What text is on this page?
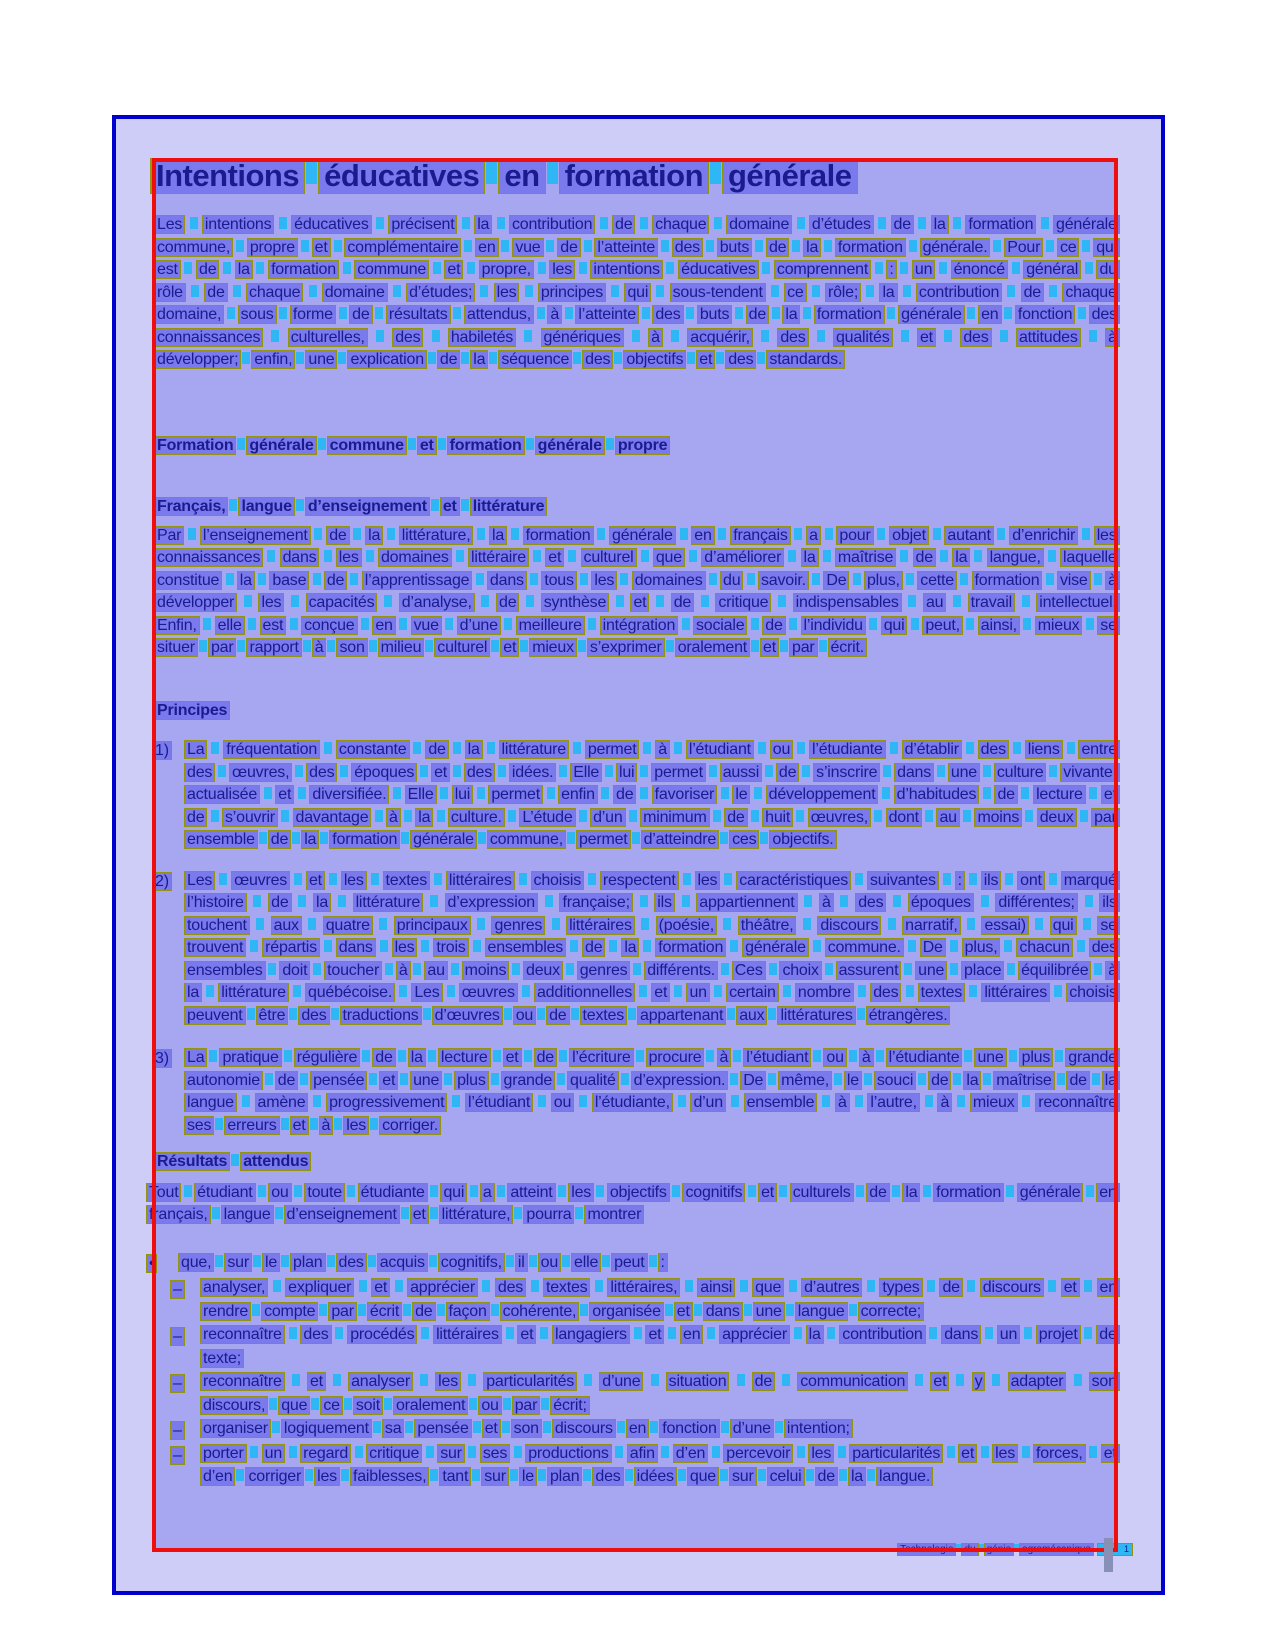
Intentions éducatives en formation générale
Les intentions éducatives précisent la contribution de chaque domaine d’études de la formation générale
commune, propre et complémentaire en vue de l’atteinte des buts de la formation générale. Pour ce qui
est de la formation commune et propre, les intentions éducatives comprennent : un énoncé général du
rôle de chaque domaine d’études; les principes qui sous-tendent ce rôle; la contribution de chaque
domaine, sous forme de résultats attendus, à l’atteinte des buts de la formation générale en fonction des
connaissances culturelles, des habiletés génériques à acquérir, des qualités et des attitudes à
développer; enfin, une explication de la séquence des objectifs et des standards.
Formation générale commune et formation générale propre
Français, langue d’enseignement et littérature
Par l’enseignement de la littérature, la formation générale en français a pour objet autant d’enrichir les
connaissances dans les domaines littéraire et culturel que d’améliorer la maîtrise de la langue, laquelle
constitue la base de l’apprentissage dans tous les domaines du savoir. De plus, cette formation vise à
développer les capacités d’analyse, de synthèse et de critique indispensables au travail intellectuel.
Enfin, elle est conçue en vue d’une meilleure intégration sociale de l’individu qui peut, ainsi, mieux se
situer par rapport à son milieu culturel et mieux s’exprimer oralement et par écrit.
Principes
1) La fréquentation constante de la littérature permet à l’étudiant ou l’étudiante d’établir des liens entre
des œuvres, des époques et des idées. Elle lui permet aussi de s’inscrire dans une culture vivante,
actualisée et diversifiée. Elle lui permet enfin de favoriser le développement d’habitudes de lecture et
de s’ouvrir davantage à la culture. L’étude d’un minimum de huit œuvres, dont au moins deux par
ensemble de la formation générale commune, permet d’atteindre ces objectifs.
2) Les œuvres et les textes littéraires choisis respectent les caractéristiques suivantes : ils ont marqué
l’histoire de la littérature d’expression française; ils appartiennent à des époques différentes; ils
touchent aux quatre principaux genres littéraires (poésie, théâtre, discours narratif, essai) qui se
trouvent répartis dans les trois ensembles de la formation générale commune. De plus, chacun des
ensembles doit toucher à au moins deux genres différents. Ces choix assurent une place équilibrée à
la littérature québécoise. Les œuvres additionnelles et un certain nombre des textes littéraires choisis
peuvent être des traductions d’œuvres ou de textes appartenant aux littératures étrangères.
3) La pratique régulière de la lecture et de l’écriture procure à l’étudiant ou à l’étudiante une plus grande
autonomie de pensée et une plus grande qualité d’expression. De même, le souci de la maîtrise de la
langue amène progressivement l’étudiant ou l’étudiante, d’un ensemble à l’autre, à mieux reconnaître
ses erreurs et à les corriger.
Résultats attendus
Tout étudiant ou toute étudiante qui a atteint les objectifs cognitifs et culturels de la formation générale en
français, langue d’enseignement et littérature, pourra montrer
• que, sur le plan des acquis cognitifs, il ou elle peut :
– analyser, expliquer et apprécier des textes littéraires, ainsi que d’autres types de discours et en
rendre compte par écrit de façon cohérente, organisée et dans une langue correcte;
– reconnaître des procédés littéraires et langagiers et en apprécier la contribution dans un projet de
texte;
– reconnaître et analyser les particularités d’une situation de communication et y adapter son
discours, que ce soit oralement ou par écrit;
– organiser logiquement sa pensée et son discours en fonction d’une intention;
– porter un regard critique sur ses productions afin d’en percevoir les particularités et les forces, et
d’en corriger les faiblesses, tant sur le plan des idées que sur celui de la langue.
Technologie	du	génie	agromécanique	1
